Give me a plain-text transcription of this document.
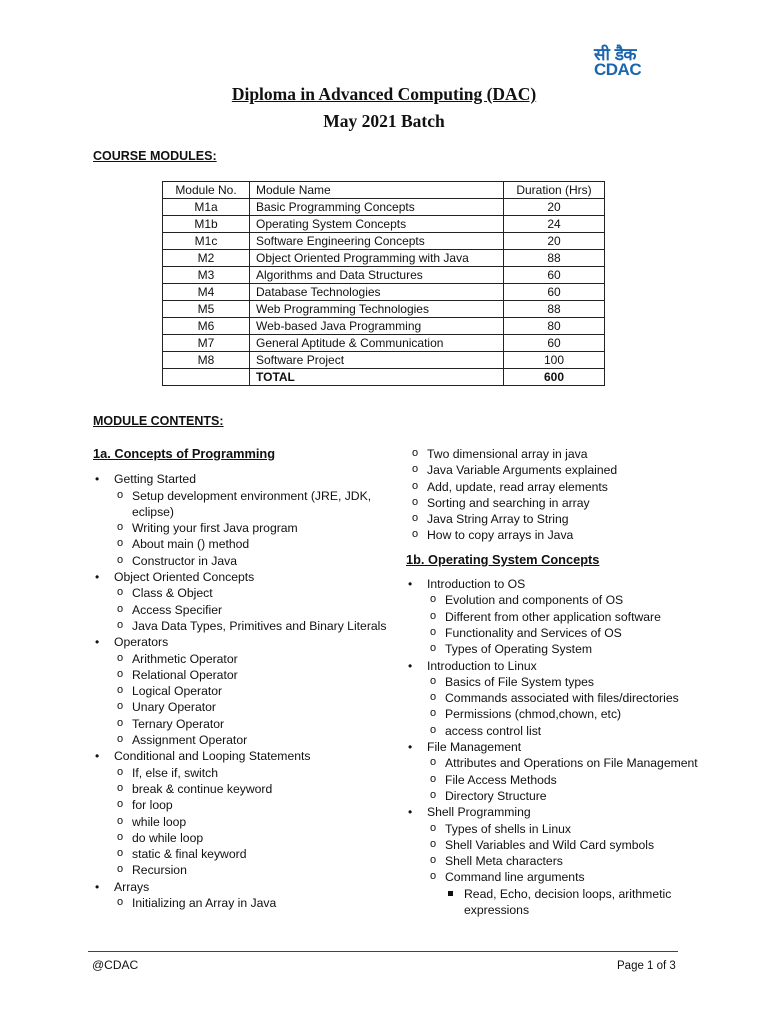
सी डैक
CDAC
Diploma in Advanced Computing (DAC)
May 2021 Batch
COURSE MODULES:
Module No.	Module Name	Duration (Hrs)
M1a	Basic Programming Concepts	20
M1b	Operating System Concepts	24
M1c	Software Engineering Concepts	20
M2	Object Oriented Programming with Java	88
M3	Algorithms and Data Structures	60
M4	Database Technologies	60
M5	Web Programming Technologies	88
M6	Web-based Java Programming	80
M7	General Aptitude & Communication	60
M8	Software Project	100
	TOTAL	600
MODULE CONTENTS:
1a. Concepts of Programming
• Getting Started
o Setup development environment (JRE, JDK, eclipse)
o Writing your first Java program
o About main () method
o Constructor in Java
• Object Oriented Concepts
o Class & Object
o Access Specifier
o Java Data Types, Primitives and Binary Literals
• Operators
o Arithmetic Operator
o Relational Operator
o Logical Operator
o Unary Operator
o Ternary Operator
o Assignment Operator
• Conditional and Looping Statements
o If, else if, switch
o break & continue keyword
o for loop
o while loop
o do while loop
o static & final keyword
o Recursion
• Arrays
o Initializing an Array in Java
o Two dimensional array in java
o Java Variable Arguments explained
o Add, update, read array elements
o Sorting and searching in array
o Java String Array to String
o How to copy arrays in Java
1b. Operating System Concepts
• Introduction to OS
o Evolution and components of OS
o Different from other application software
o Functionality and Services of OS
o Types of Operating System
• Introduction to Linux
o Basics of File System types
o Commands associated with files/directories
o Permissions (chmod,chown, etc)
o access control list
• File Management
o Attributes and Operations on File Management
o File Access Methods
o Directory Structure
• Shell Programming
o Types of shells in Linux
o Shell Variables and Wild Card symbols
o Shell Meta characters
o Command line arguments
Read, Echo, decision loops, arithmetic expressions
@CDAC	Page 1 of 3
